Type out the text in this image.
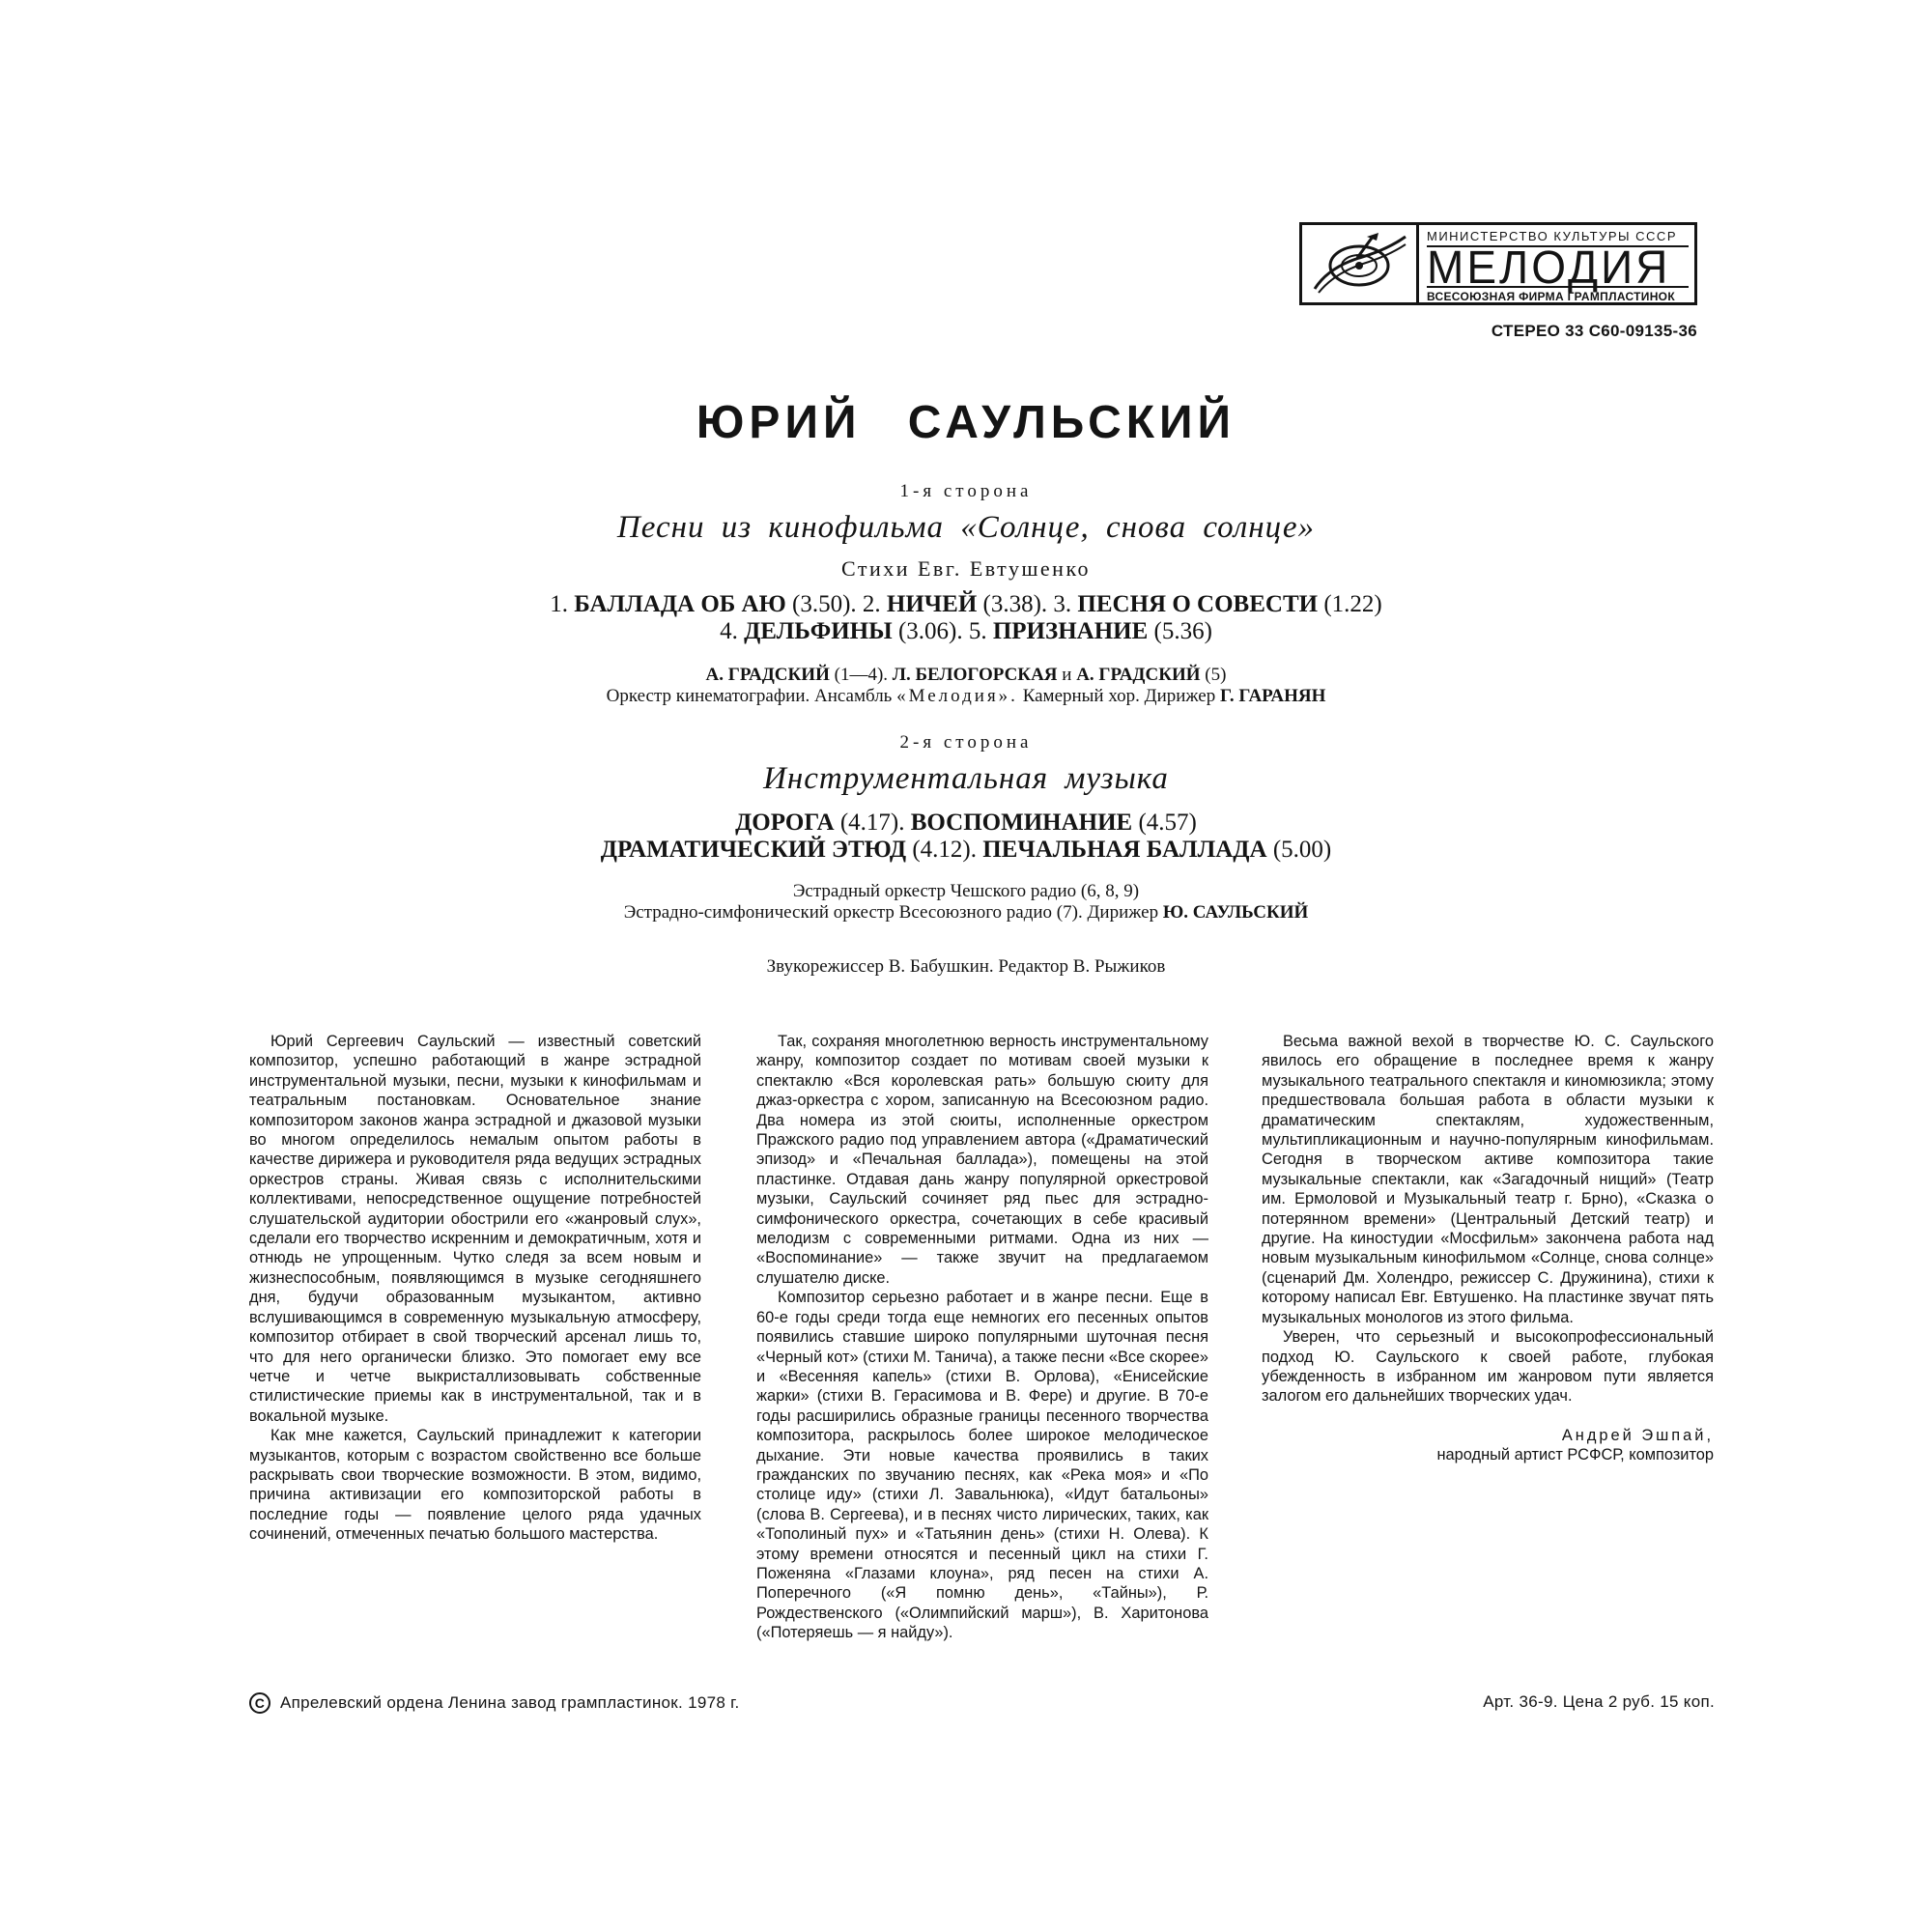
МИНИСТЕРСТВО КУЛЬТУРЫ СССР
МЕЛОДИЯ
ВСЕСОЮЗНАЯ ФИРМА ГРАМПЛАСТИНОК
СТЕРЕО 33 С60-09135-36
ЮРИЙ САУЛЬСКИЙ
1-я сторона
Песни из кинофильма «Солнце, снова солнце»
Стихи Евг. Евтушенко
1. БАЛЛАДА ОБ АЮ (3.50). 2. НИЧЕЙ (3.38). 3. ПЕСНЯ О СОВЕСТИ (1.22)
4. ДЕЛЬФИНЫ (3.06). 5. ПРИЗНАНИЕ (5.36)
А. ГРАДСКИЙ (1—4). Л. БЕЛОГОРСКАЯ и А. ГРАДСКИЙ (5)
Оркестр кинематографии. Ансамбль «Мелодия». Камерный хор. Дирижер Г. ГАРАНЯН
2-я сторона
Инструментальная музыка
ДОРОГА (4.17). ВОСПОМИНАНИЕ (4.57)
ДРАМАТИЧЕСКИЙ ЭТЮД (4.12). ПЕЧАЛЬНАЯ БАЛЛАДА (5.00)
Эстрадный оркестр Чешского радио (6, 8, 9)
Эстрадно-симфонический оркестр Всесоюзного радио (7). Дирижер Ю. САУЛЬСКИЙ
Звукорежиссер В. Бабушкин. Редактор В. Рыжиков

Юрий Сергеевич Саульский — известный советский композитор, успешно работающий в жанре эстрадной инструментальной музыки, песни, музыки к кинофильмам и театральным постановкам. Основательное знание композитором законов жанра эстрадной и джазовой музыки во многом определилось немалым опытом работы в качестве дирижера и руководителя ряда ведущих эстрадных оркестров страны. Живая связь с исполнительскими коллективами, непосредственное ощущение потребностей слушательской аудитории обострили его «жанровый слух», сделали его творчество искренним и демократичным, хотя и отнюдь не упрощенным. Чутко следя за всем новым и жизнеспособным, появляющимся в музыке сегодняшнего дня, будучи образованным музыкантом, активно вслушивающимся в современную музыкальную атмосферу, композитор отбирает в свой творческий арсенал лишь то, что для него органически близко. Это помогает ему все четче и четче выкристаллизовывать собственные стилистические приемы как в инструментальной, так и в вокальной музыке.

Как мне кажется, Саульский принадлежит к категории музыкантов, которым с возрастом свойственно все больше раскрывать свои творческие возможности. В этом, видимо, причина активизации его композиторской работы в последние годы — появление целого ряда удачных сочинений, отмеченных печатью большого мастерства.

Так, сохраняя многолетнюю верность инструментальному жанру, композитор создает по мотивам своей музыки к спектаклю «Вся королевская рать» большую сюиту для джаз-оркестра с хором, записанную на Всесоюзном радио. Два номера из этой сюиты, исполненные оркестром Пражского радио под управлением автора («Драматический эпизод» и «Печальная баллада»), помещены на этой пластинке. Отдавая дань жанру популярной оркестровой музыки, Саульский сочиняет ряд пьес для эстрадно-симфонического оркестра, сочетающих в себе красивый мелодизм с современными ритмами. Одна из них — «Воспоминание» — также звучит на предлагаемом слушателю диске.

Композитор серьезно работает и в жанре песни. Еще в 60-е годы среди тогда еще немногих его песенных опытов появились ставшие широко популярными шуточная песня «Черный кот» (стихи М. Танича), а также песни «Все скорее» и «Весенняя капель» (стихи В. Орлова), «Енисейские жарки» (стихи В. Герасимова и В. Фере) и другие. В 70-е годы расширились образные границы песенного творчества композитора, раскрылось более широкое мелодическое дыхание. Эти новые качества проявились в таких гражданских по звучанию песнях, как «Река моя» и «По столице иду» (стихи Л. Завальнюка), «Идут батальоны» (слова В. Сергеева), и в песнях чисто лирических, таких, как «Тополиный пух» и «Татьянин день» (стихи Н. Олева). К этому времени относятся и песенный цикл на стихи Г. Поженяна «Глазами клоуна», ряд песен на стихи А. Поперечного («Я помню день», «Тайны»), Р. Рождественского («Олимпийский марш»), В. Харитонова («Потеряешь — я найду»).

Весьма важной вехой в творчестве Ю. С. Саульского явилось его обращение в последнее время к жанру музыкального театрального спектакля и киномюзикла; этому предшествовала большая работа в области музыки к драматическим спектаклям, художественным, мультипликационным и научно-популярным кинофильмам. Сегодня в творческом активе композитора такие музыкальные спектакли, как «Загадочный нищий» (Театр им. Ермоловой и Музыкальный театр г. Брно), «Сказка о потерянном времени» (Центральный Детский театр) и другие. На киностудии «Мосфильм» закончена работа над новым музыкальным кинофильмом «Солнце, снова солнце» (сценарий Дм. Холендро, режиссер С. Дружинина), стихи к которому написал Евг. Евтушенко. На пластинке звучат пять музыкальных монологов из этого фильма.

Уверен, что серьезный и высокопрофессиональный подход Ю. Саульского к своей работе, глубокая убежденность в избранном им жанровом пути является залогом его дальнейших творческих удач.

Андрей Эшпай,
народный артист РСФСР, композитор
C Апрелевский ордена Ленина завод грампластинок. 1978 г.	Арт. 36-9. Цена 2 руб. 15 коп.
